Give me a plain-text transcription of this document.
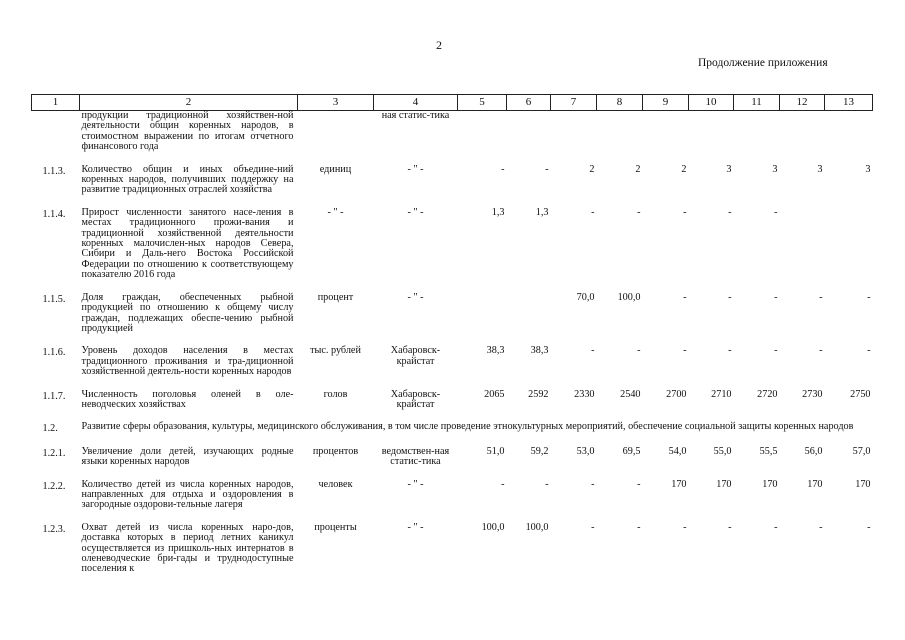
2
Продолжение приложения
1	2	3	4	5	6	7	8	9	10	11	12	13
	продукции традиционной хозяйствен-ной деятельности общин коренных народов, в стоимостном выражении по итогам отчетного финансового года		ная статис-тика									
1.1.3.	Количество общин и иных объедине-ний коренных народов, получивших поддержку на развитие традиционных отраслей хозяйства	единиц	- " -	-	-	2	2	2	3	3	3	3
1.1.4.	Прирост численности занятого насе-ления в местах традиционного прожи-вания и традиционной хозяйственной деятельности коренных малочислен-ных народов Севера, Сибири и Даль-него Востока Российской Федерации по отношению к соответствующему показателю 2016 года	- " -	- " -	1,3	1,3	-	-	-	-	-		
1.1.5.	Доля граждан, обеспеченных рыбной продукцией по отношению к общему числу граждан, подлежащих обеспе-чению рыбной продукцией	процент	- " -			70,0	100,0	-	-	-	-	-
1.1.6.	Уровень доходов населения в местах традиционного проживания и тра-диционной хозяйственной деятель-ности коренных народов	тыс. рублей	Хабаровск-крайстат	38,3	38,3	-	-	-	-	-	-	-
1.1.7.	Численность поголовья оленей в оле-неводческих хозяйствах	голов	Хабаровск-крайстат	2065	2592	2330	2540	2700	2710	2720	2730	2750
1.2.	Развитие сферы образования, культуры, медицинского обслуживания, в том числе проведение этнокультурных мероприятий, обеспечение социальной защиты коренных народов											
1.2.1.	Увеличение доли детей, изучающих родные языки коренных народов	процентов	ведомствен-ная статис-тика	51,0	59,2	53,0	69,5	54,0	55,0	55,5	56,0	57,0
1.2.2.	Количество детей из числа коренных народов, направленных для отдыха и оздоровления в загородные оздорови-тельные лагеря	человек	- " -	-	-	-	-	170	170	170	170	170
1.2.3.	Охват детей из числа коренных наро-дов, доставка которых в период летних каникул осуществляется из пришколь-ных интернатов в оленеводческие бри-гады и труднодоступные поселения к	проценты	- " -	100,0	100,0	-	-	-	-	-	-	-
